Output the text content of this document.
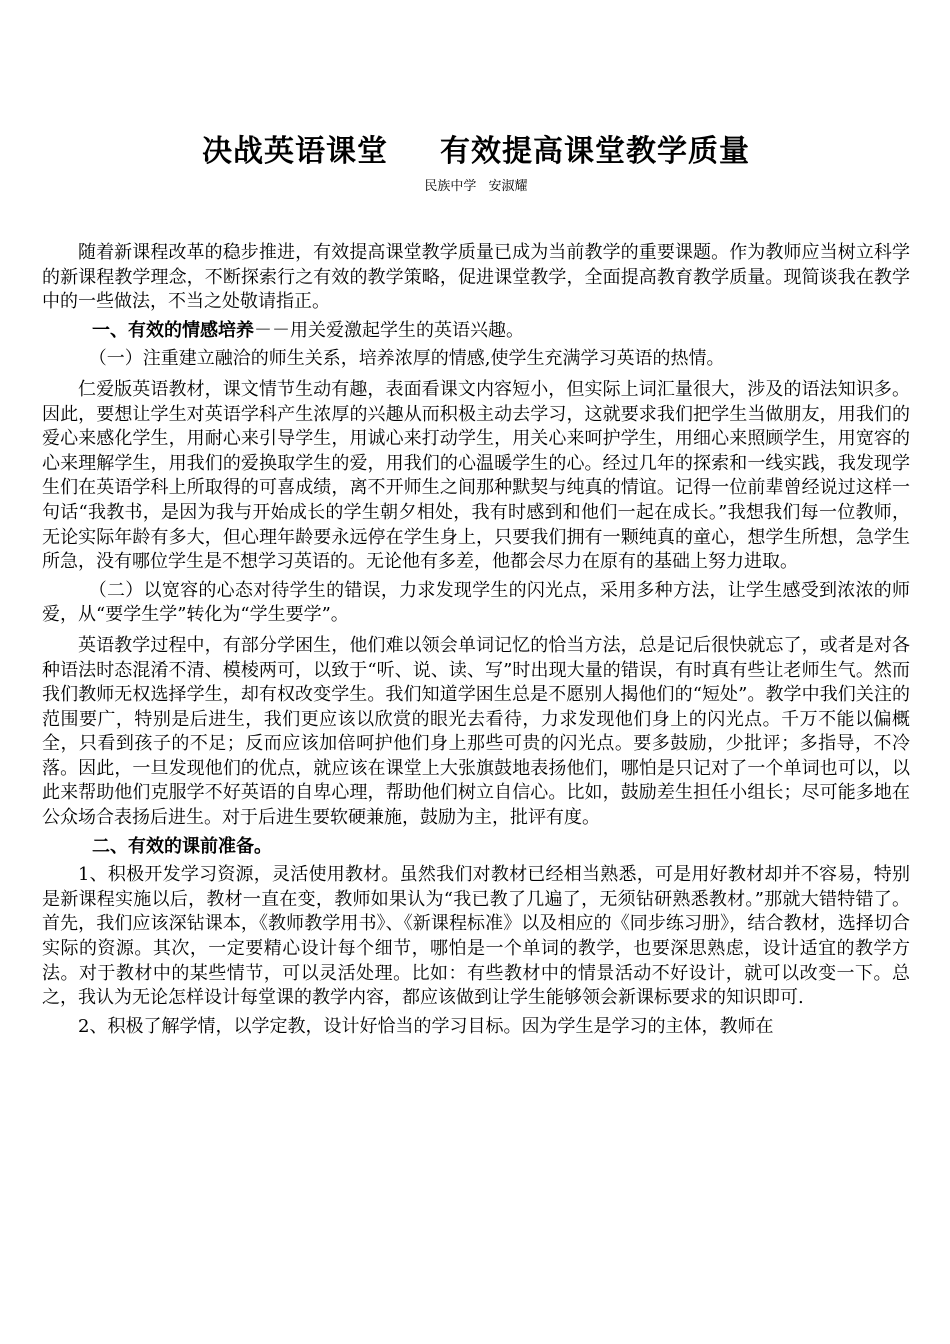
决战英语课堂 有效提高课堂教学质量
民族中学 安淑耀

随着新课程改革的稳步推进，有效提高课堂教学质量已成为当前教学的重要课题。作为教师应当树立科学的新课程教学理念，不断探索行之有效的教学策略，促进课堂教学，全面提高教育教学质量。现简谈我在教学中的一些做法，不当之处敬请指正。

一、有效的情感培养－－用关爱激起学生的英语兴趣。

（一）注重建立融洽的师生关系，培养浓厚的情感,使学生充满学习英语的热情。

仁爱版英语教材，课文情节生动有趣，表面看课文内容短小，但实际上词汇量很大，涉及的语法知识多。因此，要想让学生对英语学科产生浓厚的兴趣从而积极主动去学习，这就要求我们把学生当做朋友，用我们的爱心来感化学生，用耐心来引导学生，用诚心来打动学生，用关心来呵护学生，用细心来照顾学生，用宽容的心来理解学生，用我们的爱换取学生的爱，用我们的心温暖学生的心。经过几年的探索和一线实践，我发现学生们在英语学科上所取得的可喜成绩，离不开师生之间那种默契与纯真的情谊。记得一位前辈曾经说过这样一句话“我教书，是因为我与开始成长的学生朝夕相处，我有时感到和他们一起在成长。”我想我们每一位教师，无论实际年龄有多大，但心理年龄要永远停在学生身上，只要我们拥有一颗纯真的童心，想学生所想，急学生所急，没有哪位学生是不想学习英语的。无论他有多差，他都会尽力在原有的基础上努力进取。

（二）以宽容的心态对待学生的错误，力求发现学生的闪光点，采用多种方法，让学生感受到浓浓的师爱，从“要学生学”转化为“学生要学”。

英语教学过程中，有部分学困生，他们难以领会单词记忆的恰当方法，总是记后很快就忘了，或者是对各种语法时态混淆不清、模棱两可，以致于“听、说、读、写”时出现大量的错误，有时真有些让老师生气。然而我们教师无权选择学生，却有权改变学生。我们知道学困生总是不愿别人揭他们的“短处”。教学中我们关注的范围要广，特别是后进生，我们更应该以欣赏的眼光去看待，力求发现他们身上的闪光点。千万不能以偏概全，只看到孩子的不足；反而应该加倍呵护他们身上那些可贵的闪光点。要多鼓励，少批评；多指导，不冷落。因此，一旦发现他们的优点，就应该在课堂上大张旗鼓地表扬他们，哪怕是只记对了一个单词也可以，以此来帮助他们克服学不好英语的自卑心理，帮助他们树立自信心。比如，鼓励差生担任小组长；尽可能多地在公众场合表扬后进生。对于后进生要软硬兼施，鼓励为主，批评有度。

二、有效的课前准备。

1、积极开发学习资源，灵活使用教材。虽然我们对教材已经相当熟悉，可是用好教材却并不容易，特别是新课程实施以后，教材一直在变，教师如果认为“我已教了几遍了，无须钻研熟悉教材。”那就大错特错了。首先，我们应该深钻课本，《教师教学用书》、《新课程标准》以及相应的《同步练习册》，结合教材，选择切合实际的资源。其次，一定要精心设计每个细节，哪怕是一个单词的教学，也要深思熟虑，设计适宜的教学方法。对于教材中的某些情节，可以灵活处理。比如：有些教材中的情景活动不好设计，就可以改变一下。总之，我认为无论怎样设计每堂课的教学内容，都应该做到让学生能够领会新课标要求的知识即可.

2、积极了解学情，以学定教，设计好恰当的学习目标。因为学生是学习的主体，教师在
